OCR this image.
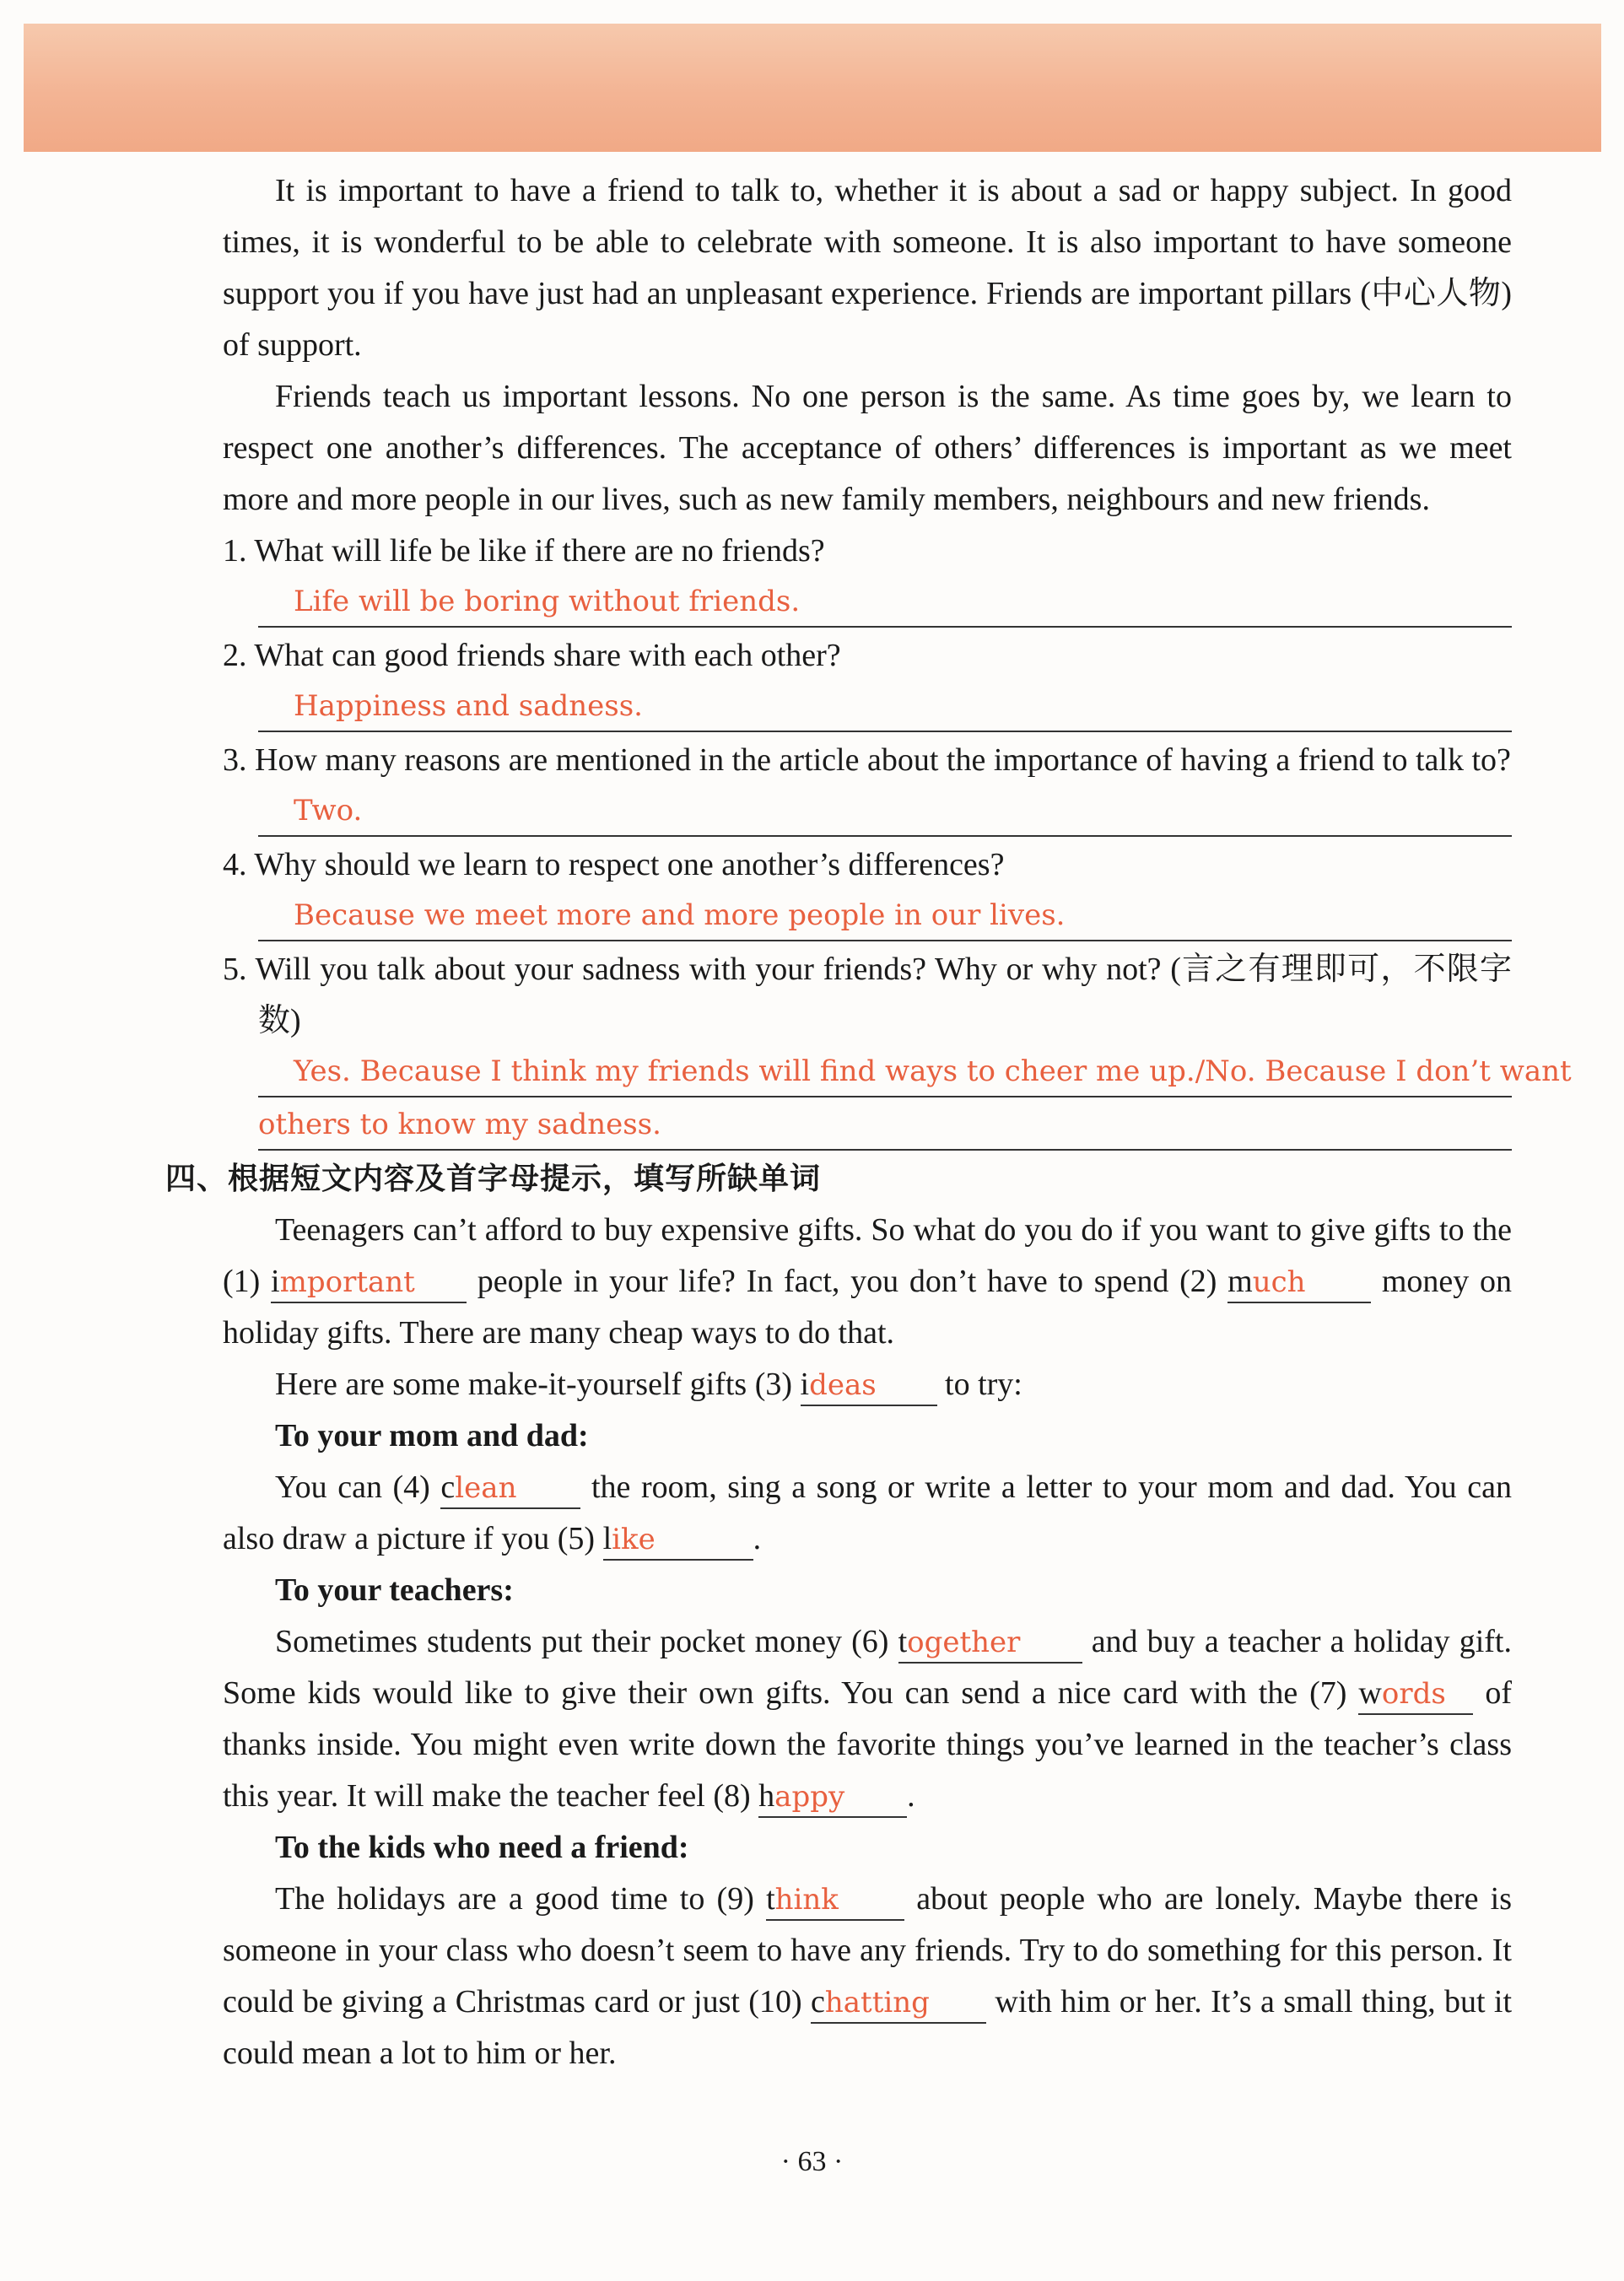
It is important to have a friend to talk to, whether it is about a sad or happy subject. In good times, it is wonderful to be able to celebrate with someone. It is also important to have someone support you if you have just had an unpleasant experience. Friends are important pillars (中心人物) of support.

Friends teach us important lessons. No one person is the same. As time goes by, we learn to respect one another’s differences. The acceptance of others’ differences is important as we meet more and more people in our lives, such as new family members, neighbours and new friends.

1. What will life be like if there are no friends?

Life will be boring without friends.

2. What can good friends share with each other?

Happiness and sadness.

3. How many reasons are mentioned in the article about the importance of having a friend to talk to?

Two.

4. Why should we learn to respect one another’s differences?

Because we meet more and more people in our lives.

5. Will you talk about your sadness with your friends? Why or why not? (言之有理即可，不限字数)

Yes. Because I think my friends will find ways to cheer me up./No. Because I don’t want
others to know my sadness.

四、根据短文内容及首字母提示，填写所缺单词

Teenagers can’t afford to buy expensive gifts. So what do you do if you want to give gifts to the (1) important people in your life? In fact, you don’t have to spend (2) much money on holiday gifts. There are many cheap ways to do that.

Here are some make-it-yourself gifts (3) ideas to try:

To your mom and dad:

You can (4) clean the room, sing a song or write a letter to your mom and dad. You can also draw a picture if you (5) like	.

To your teachers:

Sometimes students put their pocket money (6) together and buy a teacher a holiday gift. Some kids would like to give their own gifts. You can send a nice card with the (7) words of thanks inside. You might even write down the favorite things you’ve learned in the teacher’s class this year. It will make the teacher feel (8) happy .

To the kids who need a friend:

The holidays are a good time to (9) think about people who are lonely. Maybe there is someone in your class who doesn’t seem to have any friends. Try to do something for this person. It could be giving a Christmas card or just (10) chatting with him or her. It’s a small thing, but it could mean a lot to him or her.

· 63 ·
